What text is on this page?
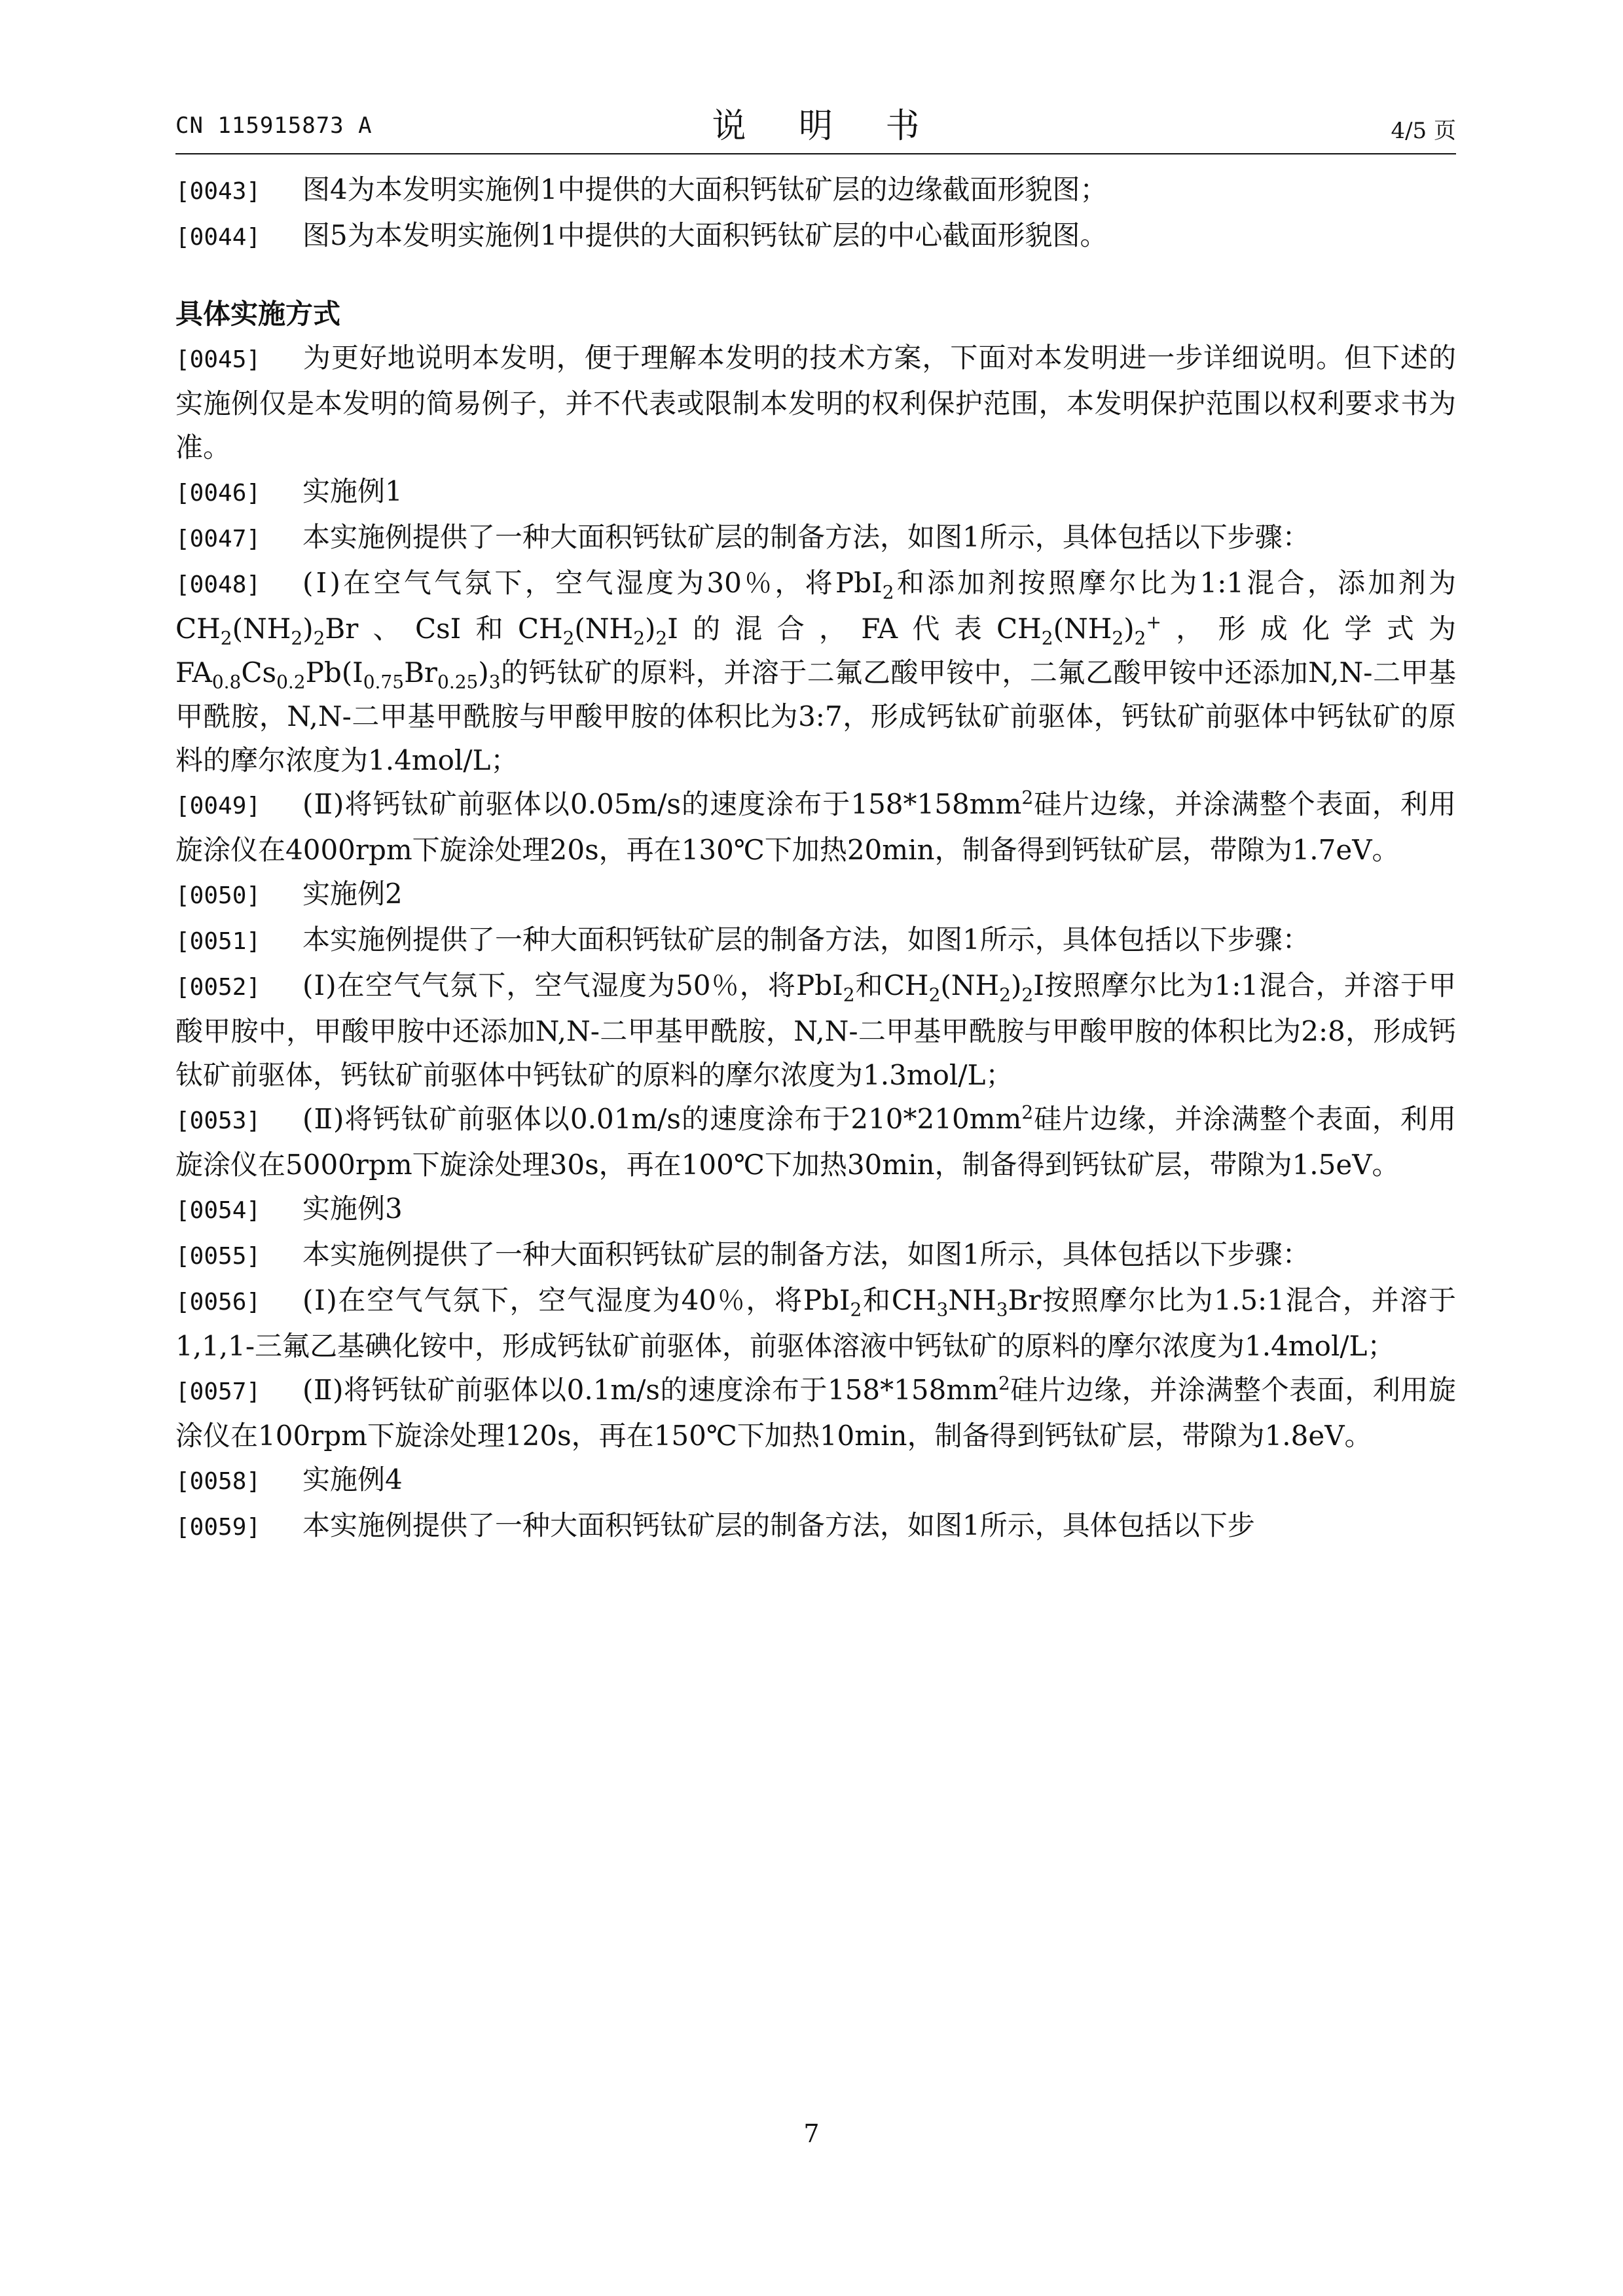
CN 115915873 A	说 明 书	4/5 页

[0043] 图4为本发明实施例1中提供的大面积钙钛矿层的边缘截面形貌图；

[0044] 图5为本发明实施例1中提供的大面积钙钛矿层的中心截面形貌图。

具体实施方式

[0045] 为更好地说明本发明，便于理解本发明的技术方案，下面对本发明进一步详细说明。但下述的实施例仅是本发明的简易例子，并不代表或限制本发明的权利保护范围，本发明保护范围以权利要求书为准。

[0046] 实施例1

[0047] 本实施例提供了一种大面积钙钛矿层的制备方法，如图1所示，具体包括以下步骤：

[0048] (Ⅰ)在空气气氛下，空气湿度为30％，将PbI$_2$和添加剂按照摩尔比为1:1混合，添加剂为$CH_2(NH_2)_2Br$、CsI和$CH_2(NH_2)_2I$的混合，FA代表$CH_2(NH_2)_2^+$，形成化学式为$FA_{0.8}Cs_{0.2}Pb(I_{0.75}Br_{0.25})_3$的钙钛矿的原料，并溶于二氟乙酸甲铵中，二氟乙酸甲铵中还添加N,N-二甲基甲酰胺，N,N-二甲基甲酰胺与甲酸甲胺的体积比为3:7，形成钙钛矿前驱体，钙钛矿前驱体中钙钛矿的原料的摩尔浓度为1.4mol/L；

[0049] (Ⅱ)将钙钛矿前驱体以0.05m/s的速度涂布于$158*158mm^2$硅片边缘，并涂满整个表面，利用旋涂仪在4000rpm下旋涂处理20s，再在130℃下加热20min，制备得到钙钛矿层，带隙为1.7eV。

[0050] 实施例2

[0051] 本实施例提供了一种大面积钙钛矿层的制备方法，如图1所示，具体包括以下步骤：

[0052] (Ⅰ)在空气气氛下，空气湿度为50％，将PbI$_2$和$CH_2(NH_2)_2I$按照摩尔比为1:1混合，并溶于甲酸甲胺中，甲酸甲胺中还添加N,N-二甲基甲酰胺，N,N-二甲基甲酰胺与甲酸甲胺的体积比为2:8，形成钙钛矿前驱体，钙钛矿前驱体中钙钛矿的原料的摩尔浓度为1.3mol/L；

[0053] (Ⅱ)将钙钛矿前驱体以0.01m/s的速度涂布于$210*210mm^2$硅片边缘，并涂满整个表面，利用旋涂仪在5000rpm下旋涂处理30s，再在100℃下加热30min，制备得到钙钛矿层，带隙为1.5eV。

[0054] 实施例3

[0055] 本实施例提供了一种大面积钙钛矿层的制备方法，如图1所示，具体包括以下步骤：

[0056] (Ⅰ)在空气气氛下，空气湿度为40％，将PbI$_2$和$CH_3NH_3Br$按照摩尔比为1.5:1混合，并溶于1,1,1-三氟乙基碘化铵中，形成钙钛矿前驱体，前驱体溶液中钙钛矿的原料的摩尔浓度为1.4mol/L；

[0057] (Ⅱ)将钙钛矿前驱体以0.1m/s的速度涂布于$158*158mm^2$硅片边缘，并涂满整个表面，利用旋涂仪在100rpm下旋涂处理120s，再在150℃下加热10min，制备得到钙钛矿层，带隙为1.8eV。

[0058] 实施例4

[0059] 本实施例提供了一种大面积钙钛矿层的制备方法，如图1所示，具体包括以下步

7
